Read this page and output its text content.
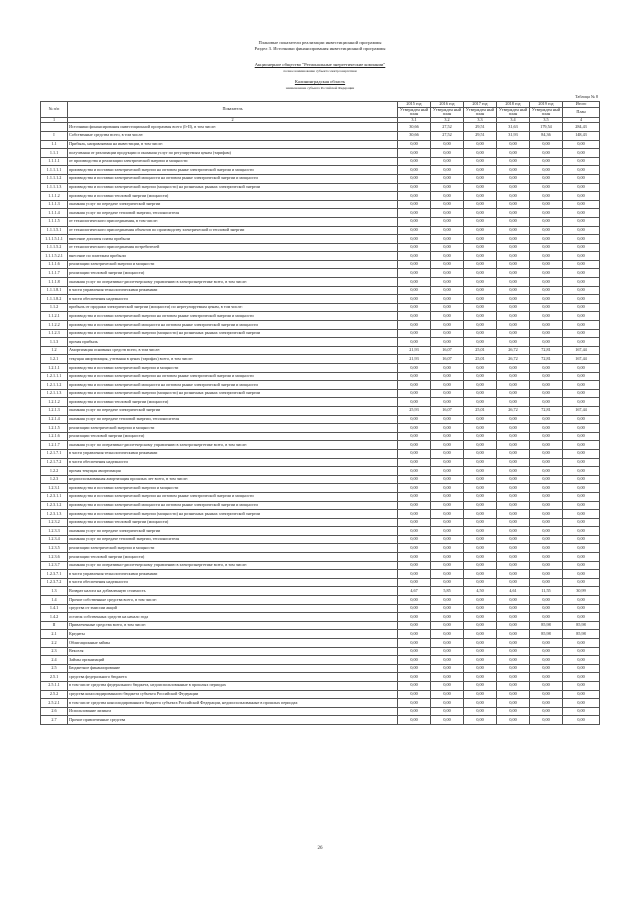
Плановые показатели реализации инвестиционной программы
Раздел 3. Источники финансирования инвестиционной программы
Акционерное общество "Региональные энергетические компании"
полное наименование субъекта электроэнергетики
Калининградская область
наименование субъекта Российской Федерации
Таблица № 8
№ п/п	Показатель	2015 год	2016 год	2017 год	2018 год	2019 год	Итого
		Утвержден ный план	Утвержден ный план	Утвержден ный план	Утвержден ный план	Утвержден ный план	План
1	2	3.1	3.2	3.3	3.4	3.5	4
	Источники финансирования инвестиционной программы всего (I+II), в том числе:	30,66	27,52	29,51	31,63	179,54	284,43
I	Собственные средства всего, в том числе:	30,66	27,52	29,51	31,93	84,36	148,43
1.1	Прибыль, направляемая на инвестиции, в том числе:	0,00	0,00	0,00	0,00	0,00	0,00
1.1.1	полученная от реализации продукции и оказания услуг по регулируемым ценам (тарифам)	0,00	0,00	0,00	0,00	0,00	0,00
1.1.1.1	от производства и реализации электрической энергии и мощности	0,00	0,00	0,00	0,00	0,00	0,00
1.1.1.1.1	производства и поставки электрической энергии на оптовом рынке электрической энергии и мощности	0,00	0,00	0,00	0,00	0,00	0,00
1.1.1.1.2	производства и поставки электрической мощности на оптовом рынке электрической энергии и мощности	0,00	0,00	0,00	0,00	0,00	0,00
1.1.1.1.3	производства и поставки электрической энергии (мощности) на розничных рынках электрической энергии	0,00	0,00	0,00	0,00	0,00	0,00
1.1.1.2	производства и поставки тепловой энергии (мощности)	0,00	0,00	0,00	0,00	0,00	0,00
1.1.1.3	оказания услуг по передаче электрической энергии	0,00	0,00	0,00	0,00	0,00	0,00
1.1.1.4	оказания услуг по передаче тепловой энергии, теплоносителя	0,00	0,00	0,00	0,00	0,00	0,00
1.1.1.5	от технологического присоединения, в том числе:	0,00	0,00	0,00	0,00	0,00	0,00
1.1.1.5.1	от технологического присоединения объектов по производству электрической и тепловой энергии	0,00	0,00	0,00	0,00	0,00	0,00
1.1.1.5.1.1	внесение доплаты платы прибыли	0,00	0,00	0,00	0,00	0,00	0,00
1.1.1.5.2	от технологического присоединения потребителей	0,00	0,00	0,00	0,00	0,00	0,00
1.1.1.5.2.1	внесение по платежам прибыли	0,00	0,00	0,00	0,00	0,00	0,00
1.1.1.6	реализации электрической энергии и мощности	0,00	0,00	0,00	0,00	0,00	0,00
1.1.1.7	реализации тепловой энергии (мощности)	0,00	0,00	0,00	0,00	0,00	0,00
1.1.1.8	оказания услуг по оперативно-диспетчерскому управлению в электроэнергетике всего, в том числе:	0,00	0,00	0,00	0,00	0,00	0,00
1.1.1.8.1	в части управления технологическими режимами	0,00	0,00	0,00	0,00	0,00	0,00
1.1.1.8.2	в части обеспечения надежности	0,00	0,00	0,00	0,00	0,00	0,00
1.1.2	прибыль от продажи электрической энергии (мощности) по нерегулируемым ценам, в том числе:	0,00	0,00	0,00	0,00	0,00	0,00
1.1.2.1	производства и поставки электрической энергии на оптовом рынке электрической энергии и мощности	0,00	0,00	0,00	0,00	0,00	0,00
1.1.2.2	производства и поставки электрической мощности на оптовом рынке электрической энергии и мощности	0,00	0,00	0,00	0,00	0,00	0,00
1.1.2.3	производства и поставки электрической энергии (мощности) на розничных рынках электрической энергии	0,00	0,00	0,00	0,00	0,00	0,00
1.1.3	прочая прибыль	0,00	0,00	0,00	0,00	0,00	0,00
1.2	Амортизация основных средств всего, в том числе:	21,93	16,07	25,01	26,72	72,81	167,44
1.2.1	текущая амортизация, учтенная в ценах (тарифах) всего, в том числе:	21,93	16,07	25,01	26,72	72,81	167,44
1.2.1.1	производства и поставки электрической энергии и мощности	0,00	0,00	0,00	0,00	0,00	0,00
1.2.1.1.1	производства и поставки электрической энергии на оптовом рынке электрической энергии и мощности	0,00	0,00	0,00	0,00	0,00	0,00
1.2.1.1.2	производства и поставки электрической мощности на оптовом рынке электрической энергии и мощности	0,00	0,00	0,00	0,00	0,00	0,00
1.2.1.1.3	производства и поставки электрической энергии (мощности) на розничных рынках электрической энергии	0,00	0,00	0,00	0,00	0,00	0,00
1.2.1.2	производства и поставки тепловой энергии (мощности)	0,00	0,00	0,00	0,00	0,00	0,00
1.2.1.3	оказания услуг по передаче электрической энергии	25,93	16,07	25,01	26,72	72,81	167,44
1.2.1.4	оказания услуг по передаче тепловой энергии, теплоносителя	0,00	0,00	0,00	0,00	0,00	0,00
1.2.1.5	реализации электрической энергии и мощности	0,00	0,00	0,00	0,00	0,00	0,00
1.2.1.6	реализации тепловой энергии (мощности)	0,00	0,00	0,00	0,00	0,00	0,00
1.2.1.7	оказания услуг по оперативно-диспетчерскому управлению в электроэнергетике всего, в том числе:	0,00	0,00	0,00	0,00	0,00	0,00
1.2.1.7.1	в части управления технологическими режимами	0,00	0,00	0,00	0,00	0,00	0,00
1.2.1.7.2	в части обеспечения надежности	0,00	0,00	0,00	0,00	0,00	0,00
1.2.2	прочая текущая амортизация	0,00	0,00	0,00	0,00	0,00	0,00
1.2.3	недоиспользованная амортизация прошлых лет всего, в том числе:	0,00	0,00	0,00	0,00	0,00	0,00
1.2.3.1	производства и поставки электрической энергии и мощности	0,00	0,00	0,00	0,00	0,00	0,00
1.2.3.1.1	производства и поставки электрической энергии на оптовом рынке электрической энергии и мощности	0,00	0,00	0,00	0,00	0,00	0,00
1.2.3.1.2	производства и поставки электрической мощности на оптовом рынке электрической энергии и мощности	0,00	0,00	0,00	0,00	0,00	0,00
1.2.3.1.3	производства и поставки электрической энергии (мощности) на розничных рынках электрической энергии	0,00	0,00	0,00	0,00	0,00	0,00
1.2.3.2	производства и поставки тепловой энергии (мощности)	0,00	0,00	0,00	0,00	0,00	0,00
1.2.3.3	оказания услуг по передаче электрической энергии	0,00	0,00	0,00	0,00	0,00	0,00
1.2.3.4	оказания услуг по передаче тепловой энергии, теплоносителя	0,00	0,00	0,00	0,00	0,00	0,00
1.2.3.5	реализации электрической энергии и мощности	0,00	0,00	0,00	0,00	0,00	0,00
1.2.3.6	реализации тепловой энергии (мощности)	0,00	0,00	0,00	0,00	0,00	0,00
1.2.3.7	оказания услуг по оперативно-диспетчерскому управлению в электроэнергетике всего, в том числе:	0,00	0,00	0,00	0,00	0,00	0,00
1.2.3.7.1	в части управления технологическими режимами	0,00	0,00	0,00	0,00	0,00	0,00
1.2.3.7.2	в части обеспечения надежности	0,00	0,00	0,00	0,00	0,00	0,00
1.3	Возврат налога на добавленную стоимость	4,67	5,85	4,50	4,61	11,55	30,99
1.4	Прочие собственные средства всего, в том числе:	0,00	0,00	0,00	0,00	0,00	0,00
1.4.1	средства от эмиссии акций	0,00	0,00	0,00	0,00	0,00	0,00
1.4.2	остаток собственных средств на начало года	0,00	0,00	0,00	0,00	0,00	0,00
II	Привлеченные средства всего, в том числе:	0,00	0,00	0,00	0,00	85,98	85,98
2.1	Кредиты	0,00	0,00	0,00	0,00	85,98	85,98
2.2	Облигационные займы	0,00	0,00	0,00	0,00	0,00	0,00
2.3	Векселя	0,00	0,00	0,00	0,00	0,00	0,00
2.4	Займы организаций	0,00	0,00	0,00	0,00	0,00	0,00
2.5	Бюджетное финансирование	0,00	0,00	0,00	0,00	0,00	0,00
2.5.1	средства федерального бюджета	0,00	0,00	0,00	0,00	0,00	0,00
2.5.1.1	в том числе средства федерального бюджета, недоиспользованные в прошлых периодах	0,00	0,00	0,00	0,00	0,00	0,00
2.5.2	средства консолидированного бюджета субъекта Российской Федерации	0,00	0,00	0,00	0,00	0,00	0,00
2.5.2.1	в том числе средства консолидированного бюджета субъекта Российской Федерации, недоиспользованные в прошлых периодах	0,00	0,00	0,00	0,00	0,00	0,00
2.6	Использование лизинга	0,00	0,00	0,00	0,00	0,00	0,00
2.7	Прочие привлеченные средства	0,00	0,00	0,00	0,00	0,00	0,00
26
